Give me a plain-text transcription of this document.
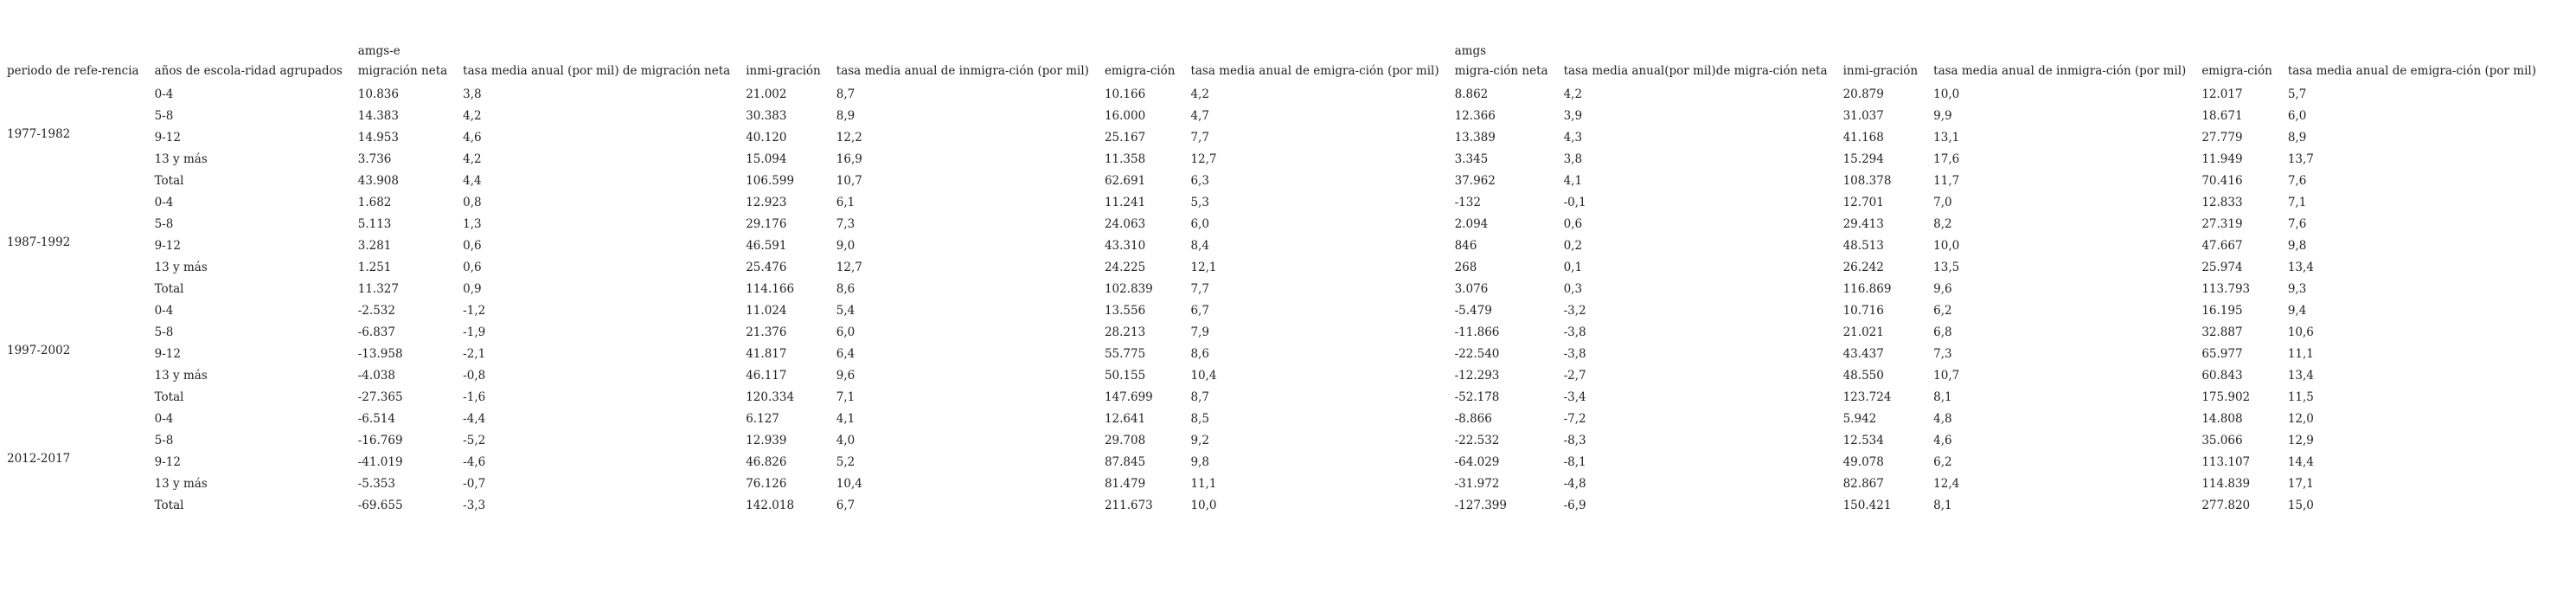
		amgs-e						amgs							
periodo de refe-rencia	años de escola-ridad agrupados	migración neta	tasa media anual (por mil) de migración neta	inmi-gración	tasa media anual de inmigra-ción (por mil)	emigra-ción	tasa media anual de emigra-ción (por mil)	migra-ción neta	tasa media anual(por mil)de migra-ción neta	inmi-gración	tasa media anual de inmigra-ción (por mil)	emigra-ción	tasa media anual de emigra-ción (por mil)		
1977-1982	0-4	10.836	3,8	21.002	8,7	10.166	4,2	8.862	4,2	20.879	10,0	12.017	5,7		
	5-8	14.383	4,2	30.383	8,9	16.000	4,7	12.366	3,9	31.037	9,9	18.671	6,0		
	9-12	14.953	4,6	40.120	12,2	25.167	7,7	13.389	4,3	41.168	13,1	27.779	8,9		
	13 y más	3.736	4,2	15.094	16,9	11.358	12,7	3.345	3,8	15.294	17,6	11.949	13,7		
	Total	43.908	4,4	106.599	10,7	62.691	6,3	37.962	4,1	108.378	11,7	70.416	7,6		
1987-1992	0-4	1.682	0,8	12.923	6,1	11.241	5,3	-132	-0,1	12.701	7,0	12.833	7,1		
	5-8	5.113	1,3	29.176	7,3	24.063	6,0	2.094	0,6	29.413	8,2	27.319	7,6		
	9-12	3.281	0,6	46.591	9,0	43.310	8,4	846	0,2	48.513	10,0	47.667	9,8		
	13 y más	1.251	0,6	25.476	12,7	24.225	12,1	268	0,1	26.242	13,5	25.974	13,4		
	Total	11.327	0,9	114.166	8,6	102.839	7,7	3.076	0,3	116.869	9,6	113.793	9,3		
1997-2002	0-4	-2.532	-1,2	11.024	5,4	13.556	6,7	-5.479	-3,2	10.716	6,2	16.195	9,4		
	5-8	-6.837	-1,9	21.376	6,0	28.213	7,9	-11.866	-3,8	21.021	6,8	32.887	10,6		
	9-12	-13.958	-2,1	41.817	6,4	55.775	8,6	-22.540	-3,8	43.437	7,3	65.977	11,1		
	13 y más	-4.038	-0,8	46.117	9,6	50.155	10,4	-12.293	-2,7	48.550	10,7	60.843	13,4		
	Total	-27.365	-1,6	120.334	7,1	147.699	8,7	-52.178	-3,4	123.724	8,1	175.902	11,5		
2012-2017	0-4	-6.514	-4,4	6.127	4,1	12.641	8,5	-8.866	-7,2	5.942	4,8	14.808	12,0		
	5-8	-16.769	-5,2	12.939	4,0	29.708	9,2	-22.532	-8,3	12.534	4,6	35.066	12,9		
	9-12	-41.019	-4,6	46.826	5,2	87.845	9,8	-64.029	-8,1	49.078	6,2	113.107	14,4		
	13 y más	-5.353	-0,7	76.126	10,4	81.479	11,1	-31.972	-4,8	82.867	12,4	114.839	17,1		
	Total	-69.655	-3,3	142.018	6,7	211.673	10,0	-127.399	-6,9	150.421	8,1	277.820	15,0		
